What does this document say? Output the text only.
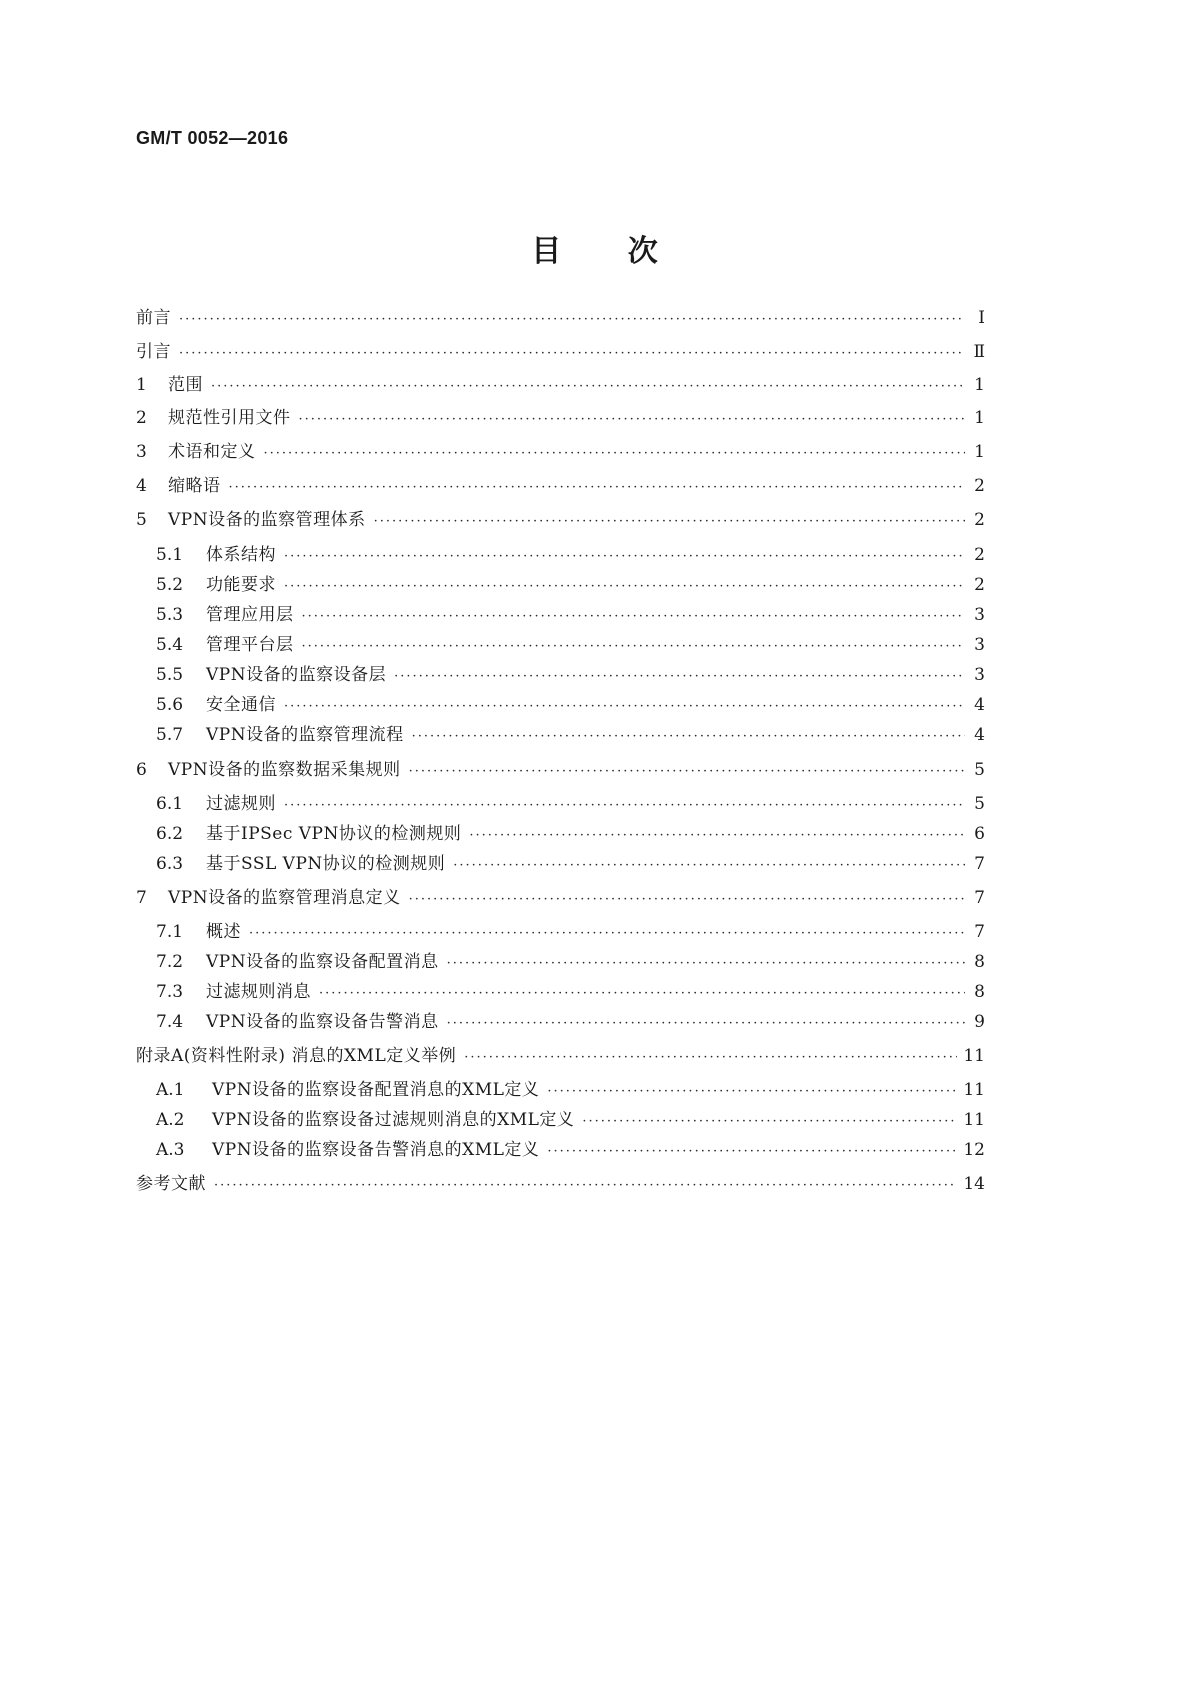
GM/T 0052—2016
目 次
前言 ·····	Ⅰ
引言 ·····	Ⅱ
1	范围 ·····	1
2	规范性引用文件 ·····	1
3	术语和定义 ·····	1
4	缩略语 ·····	2
5	VPN设备的监察管理体系 ·····	2
5.1	体系结构 ·····	2
5.2	功能要求 ·····	2
5.3	管理应用层 ·····	3
5.4	管理平台层 ·····	3
5.5	VPN设备的监察设备层 ·····	3
5.6	安全通信 ·····	4
5.7	VPN设备的监察管理流程 ·····	4
6	VPN设备的监察数据采集规则 ·····	5
6.1	过滤规则 ·····	5
6.2	基于IPSec VPN协议的检测规则 ·····	6
6.3	基于SSL VPN协议的检测规则 ·····	7
7	VPN设备的监察管理消息定义 ·····	7
7.1	概述 ·····	7
7.2	VPN设备的监察设备配置消息 ·····	8
7.3	过滤规则消息 ·····	8
7.4	VPN设备的监察设备告警消息 ·····	9
附录A(资料性附录) 消息的XML定义举例 ·····	11
A.1	VPN设备的监察设备配置消息的XML定义 ·····	11
A.2	VPN设备的监察设备过滤规则消息的XML定义 ·····	11
A.3	VPN设备的监察设备告警消息的XML定义 ·····	12
参考文献 ·····	14
